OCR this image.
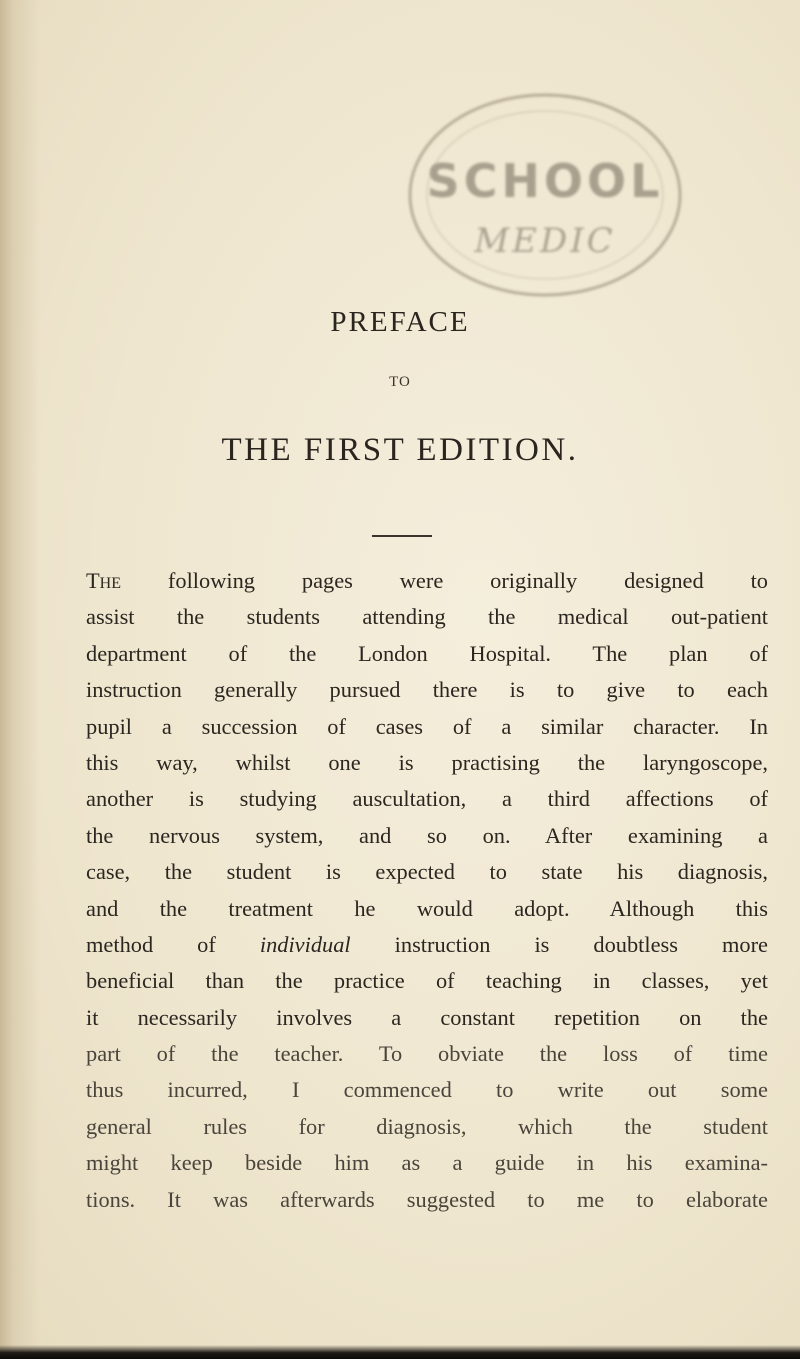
SCHOOL
MEDIC
PREFACE
TO
THE FIRST EDITION.
The following pages were originally designed to
assist the students attending the medical out-patient
department of the London Hospital. The plan of
instruction generally pursued there is to give to each
pupil a succession of cases of a similar character. In
this way, whilst one is practising the laryngoscope,
another is studying auscultation, a third affections of
the nervous system, and so on. After examining a
case, the student is expected to state his diagnosis,
and the treatment he would adopt. Although this
method of individual instruction is doubtless more
beneficial than the practice of teaching in classes, yet
it necessarily involves a constant repetition on the
part of the teacher. To obviate the loss of time
thus incurred, I commenced to write out some
general rules for diagnosis, which the student
might keep beside him as a guide in his examina-
tions. It was afterwards suggested to me to elaborate
